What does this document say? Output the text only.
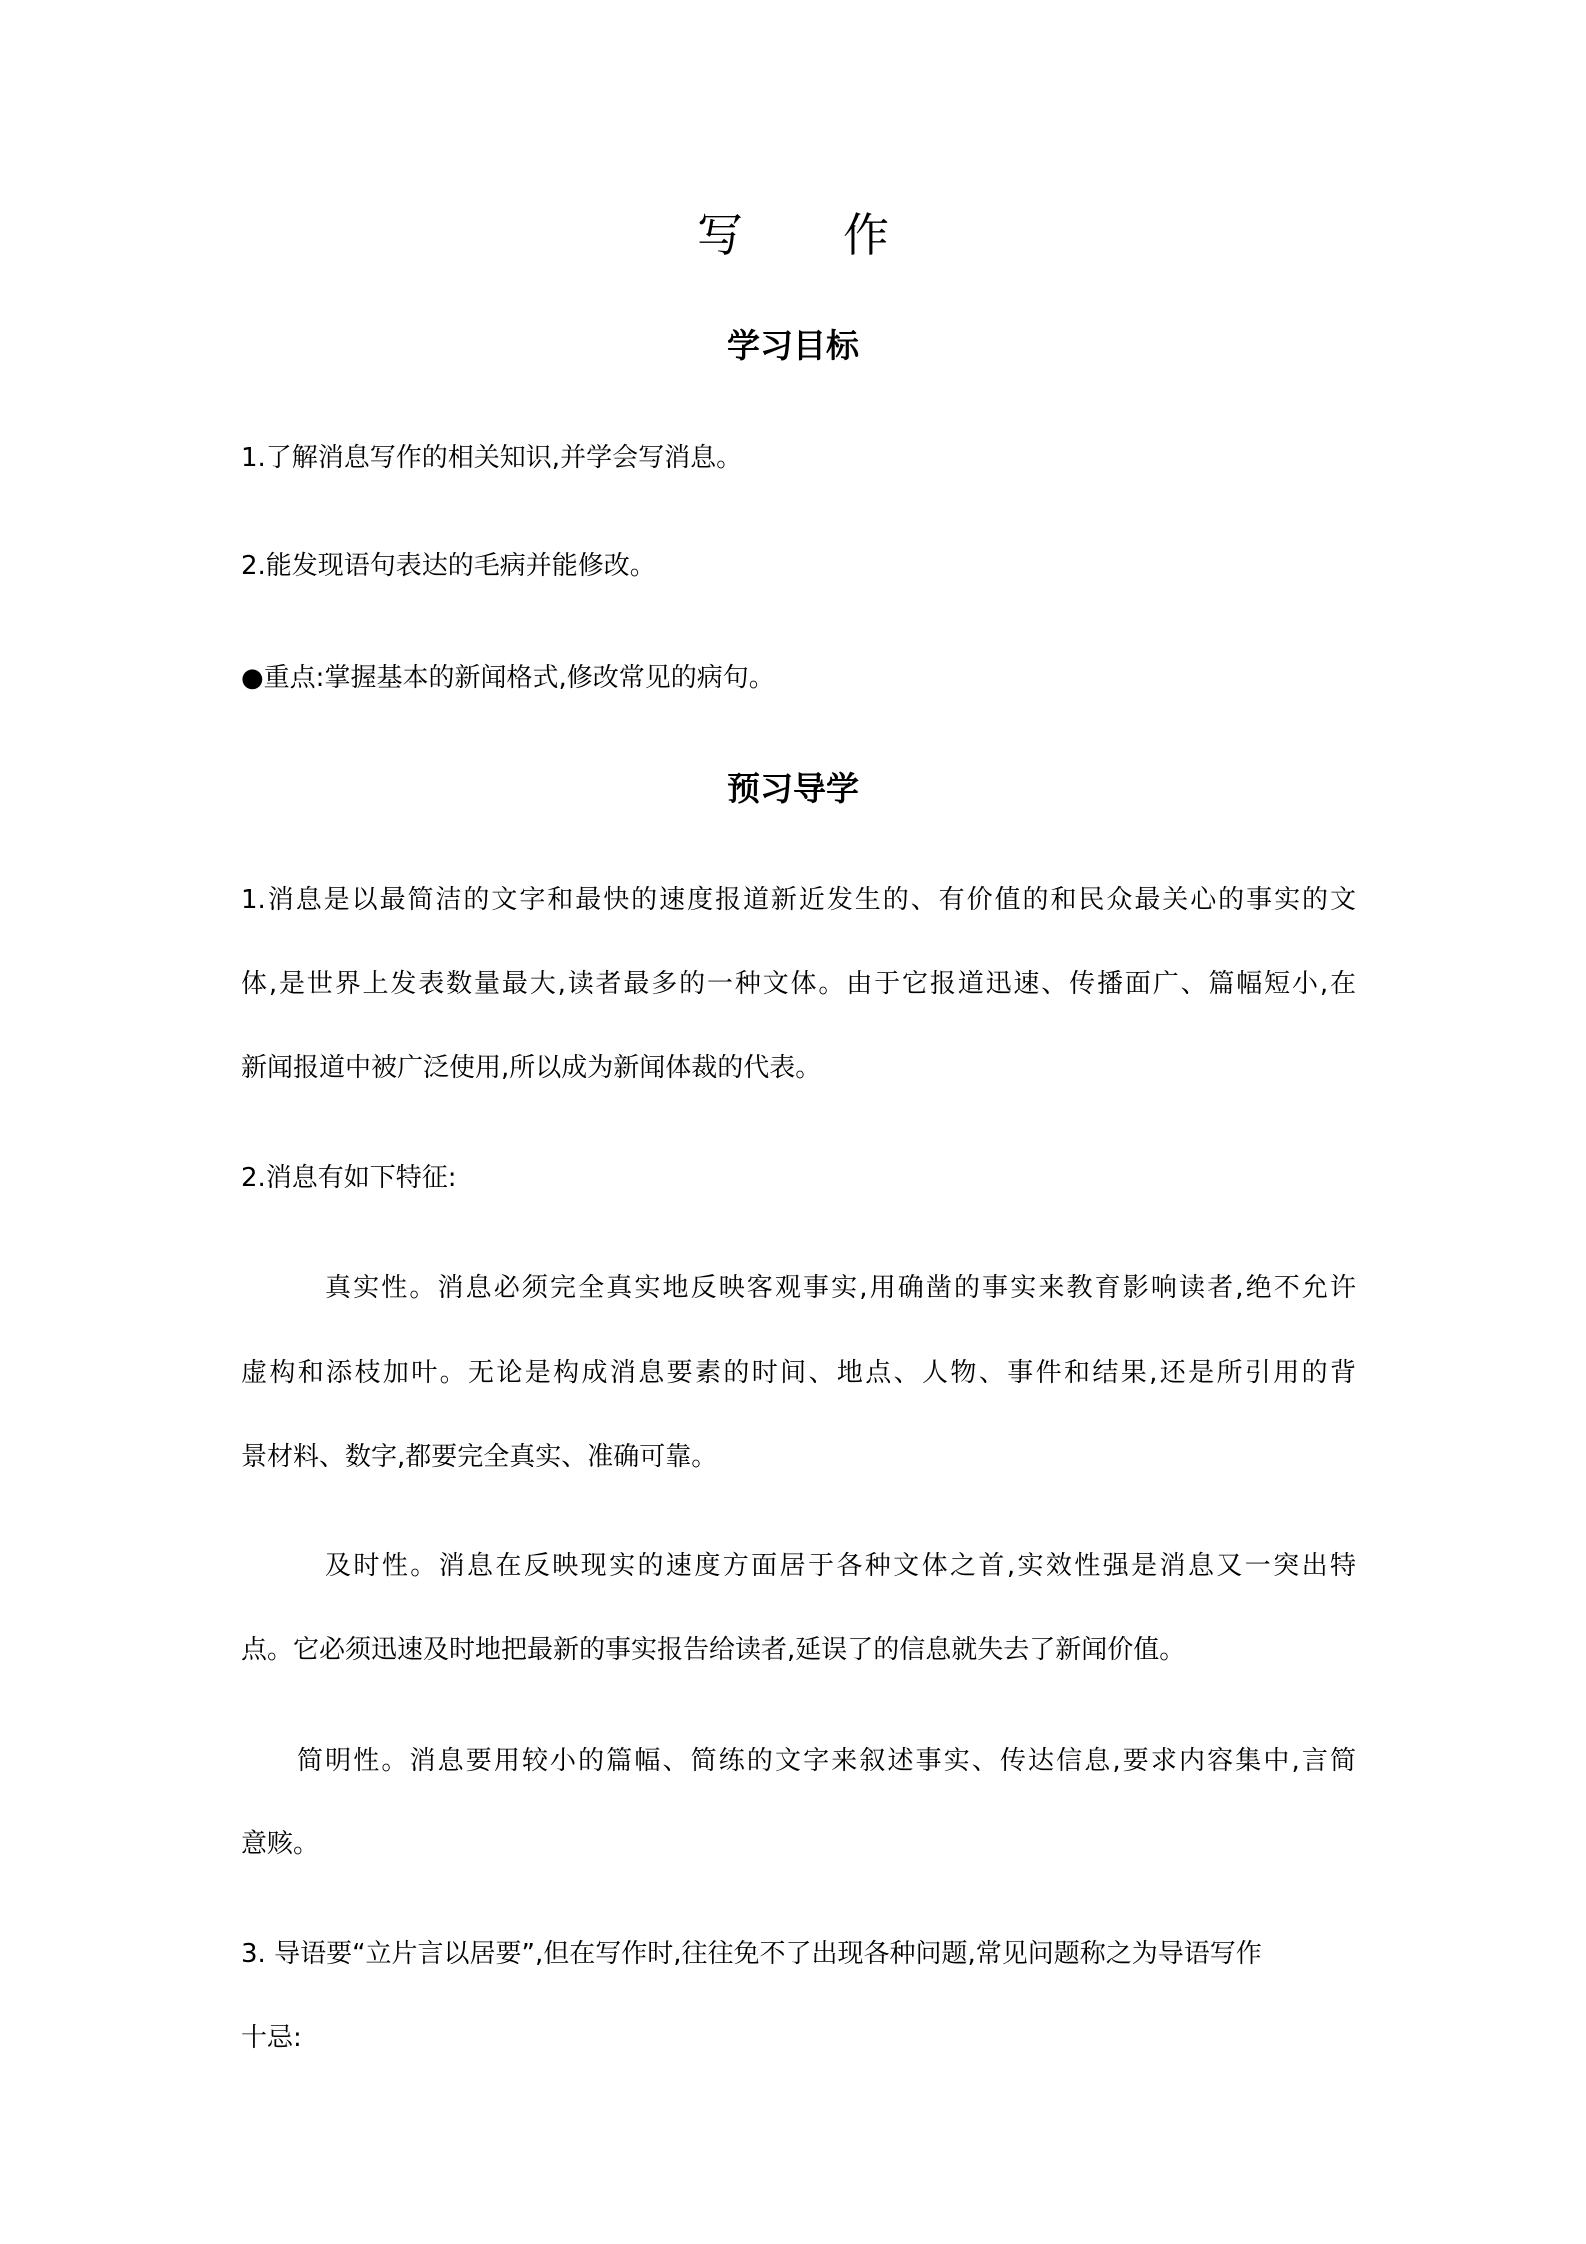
写作
学习目标
1.了解消息写作的相关知识,并学会写消息。
2.能发现语句表达的毛病并能修改。
●重点:掌握基本的新闻格式,修改常见的病句。
预习导学
1.消息是以最简洁的文字和最快的速度报道新近发生的、有价值的和民众最关心的事实的文
体,是世界上发表数量最大,读者最多的一种文体。由于它报道迅速、传播面广、篇幅短小,在
新闻报道中被广泛使用,所以成为新闻体裁的代表。
2.消息有如下特征:
真实性。消息必须完全真实地反映客观事实,用确凿的事实来教育影响读者,绝不允许
虚构和添枝加叶。无论是构成消息要素的时间、地点、人物、事件和结果,还是所引用的背
景材料、数字,都要完全真实、准确可靠。
及时性。消息在反映现实的速度方面居于各种文体之首,实效性强是消息又一突出特
点。它必须迅速及时地把最新的事实报告给读者,延误了的信息就失去了新闻价值。
简明性。消息要用较小的篇幅、简练的文字来叙述事实、传达信息,要求内容集中,言简
意赅。
3. 导语要“立片言以居要”,但在写作时,往往免不了出现各种问题,常见问题称之为导语写作
十忌:
